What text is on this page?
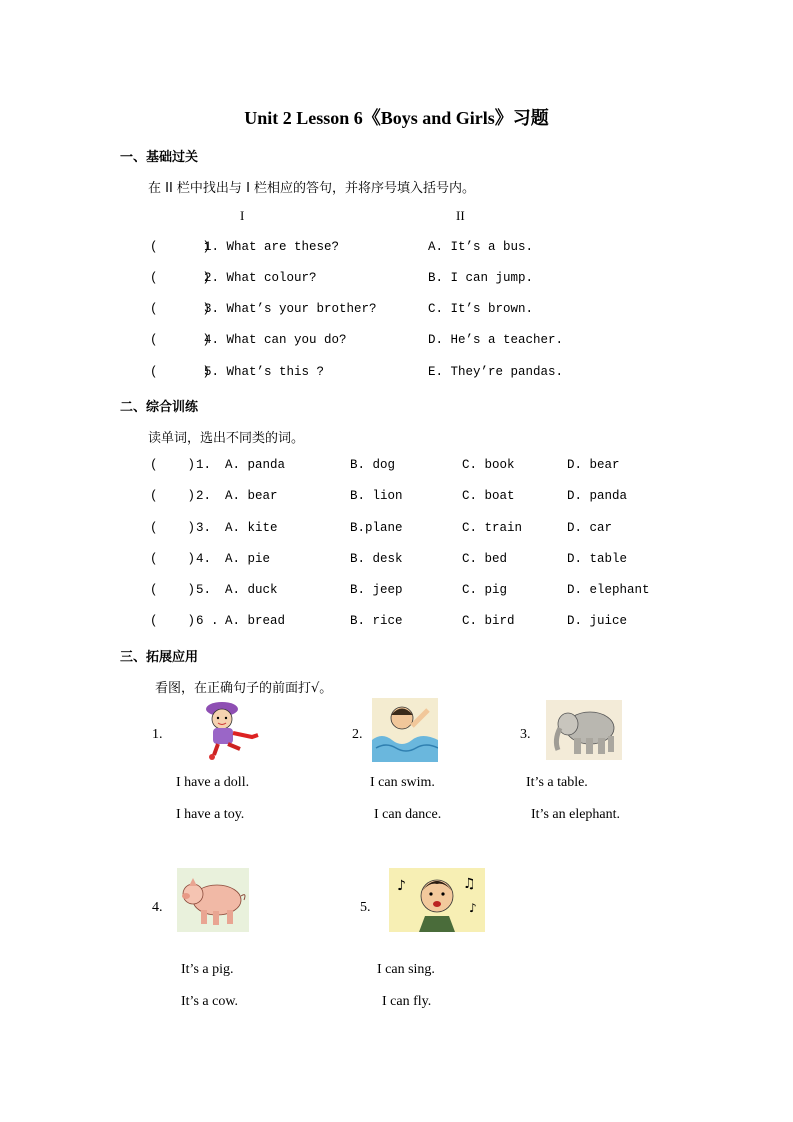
Unit 2 Lesson 6《Boys and Girls》习题
一、基础过关
在 II 栏中找出与 I 栏相应的答句，并将序号填入括号内。
I	II
(      )
1. What are these?	A. It’s a bus.
(      )
2. What colour?	B. I can jump.
(      )
3. What’s your brother?	C. It’s brown.
(      )
4. What can you do?	D. He’s a teacher.
(      )
5. What’s this ?	E. They’re pandas.
二、综合训练
读单词，选出不同类的词。
(    ) 1. A. panda	B. dog	C. book	D. bear
(    ) 2. A. bear	B. lion	C. boat	D. panda
(    ) 3. A. kite	B.plane	C. train	D. car
(    ) 4. A. pie	B. desk	C. bed	D. table
(    ) 5. A. duck	B. jeep	C. pig	D. elephant
(    ) 6 . A. bread	B. rice	C. bird	D. juice
三、拓展应用
看图，在正确句子的前面打√。
1.
I have a doll.
I have a toy.
2.
I can swim.
I can dance.
3.
It’s a table.
It’s an elephant.
4.
It’s a pig.
It’s a cow.
5.
♪	♫
♪
I can sing.
I can fly.
